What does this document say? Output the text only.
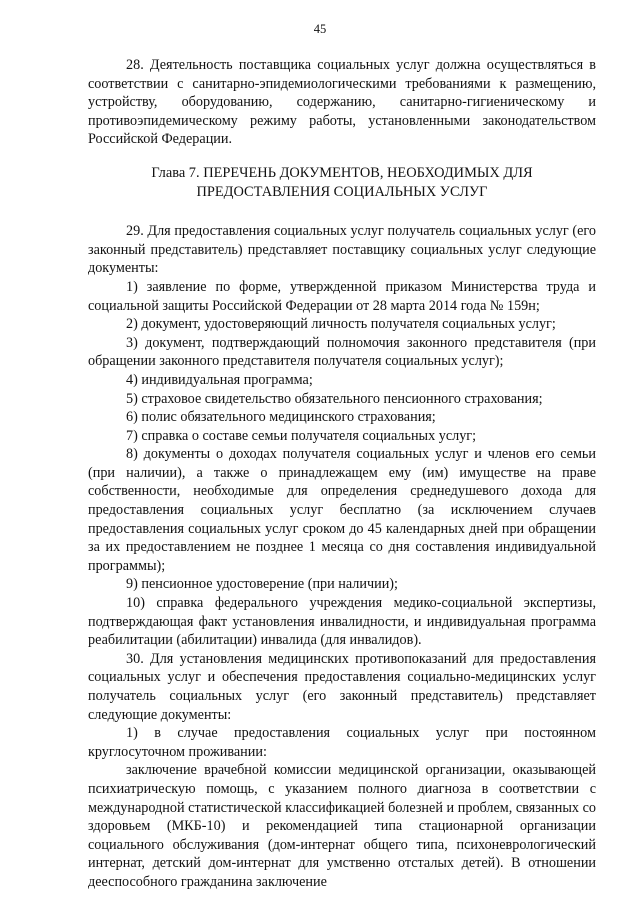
45

28. Деятельность поставщика социальных услуг должна осуществляться в соответствии с санитарно-эпидемиологическими требованиями к размещению, устройству, оборудованию, содержанию, санитарно-гигиеническому и противоэпидемическому режиму работы, установленными законодательством Российской Федерации.

Глава 7. ПЕРЕЧЕНЬ ДОКУМЕНТОВ, НЕОБХОДИМЫХ ДЛЯ
ПРЕДОСТАВЛЕНИЯ СОЦИАЛЬНЫХ УСЛУГ

29. Для предоставления социальных услуг получатель социальных услуг (его законный представитель) представляет поставщику социальных услуг следующие документы:

1) заявление по форме, утвержденной приказом Министерства труда и социальной защиты Российской Федерации от 28 марта 2014 года № 159н;

2) документ, удостоверяющий личность получателя социальных услуг;

3) документ, подтверждающий полномочия законного представителя (при обращении законного представителя получателя социальных услуг);

4) индивидуальная программа;

5) страховое свидетельство обязательного пенсионного страхования;

6) полис обязательного медицинского страхования;

7) справка о составе семьи получателя социальных услуг;

8) документы о доходах получателя социальных услуг и членов его семьи (при наличии), а также о принадлежащем ему (им) имуществе на праве собственности, необходимые для определения среднедушевого дохода для предоставления социальных услуг бесплатно (за исключением случаев предоставления социальных услуг сроком до 45 календарных дней при обращении за их предоставлением не позднее 1 месяца со дня составления индивидуальной программы);

9) пенсионное удостоверение (при наличии);

10) справка федерального учреждения медико-социальной экспертизы, подтверждающая факт установления инвалидности, и индивидуальная программа реабилитации (абилитации) инвалида (для инвалидов).

30. Для установления медицинских противопоказаний для предоставления социальных услуг и обеспечения предоставления социально-медицинских услуг получатель социальных услуг (его законный представитель) представляет следующие документы:

1) в случае предоставления социальных услуг при постоянном круглосуточном проживании:

заключение врачебной комиссии медицинской организации, оказывающей психиатрическую помощь, с указанием полного диагноза в соответствии с международной статистической классификацией болезней и проблем, связанных со здоровьем (МКБ-10) и рекомендацией типа стационарной организации социального обслуживания (дом-интернат общего типа, психоневрологический интернат, детский дом-интернат для умственно отсталых детей). В отношении дееспособного гражданина заключение
